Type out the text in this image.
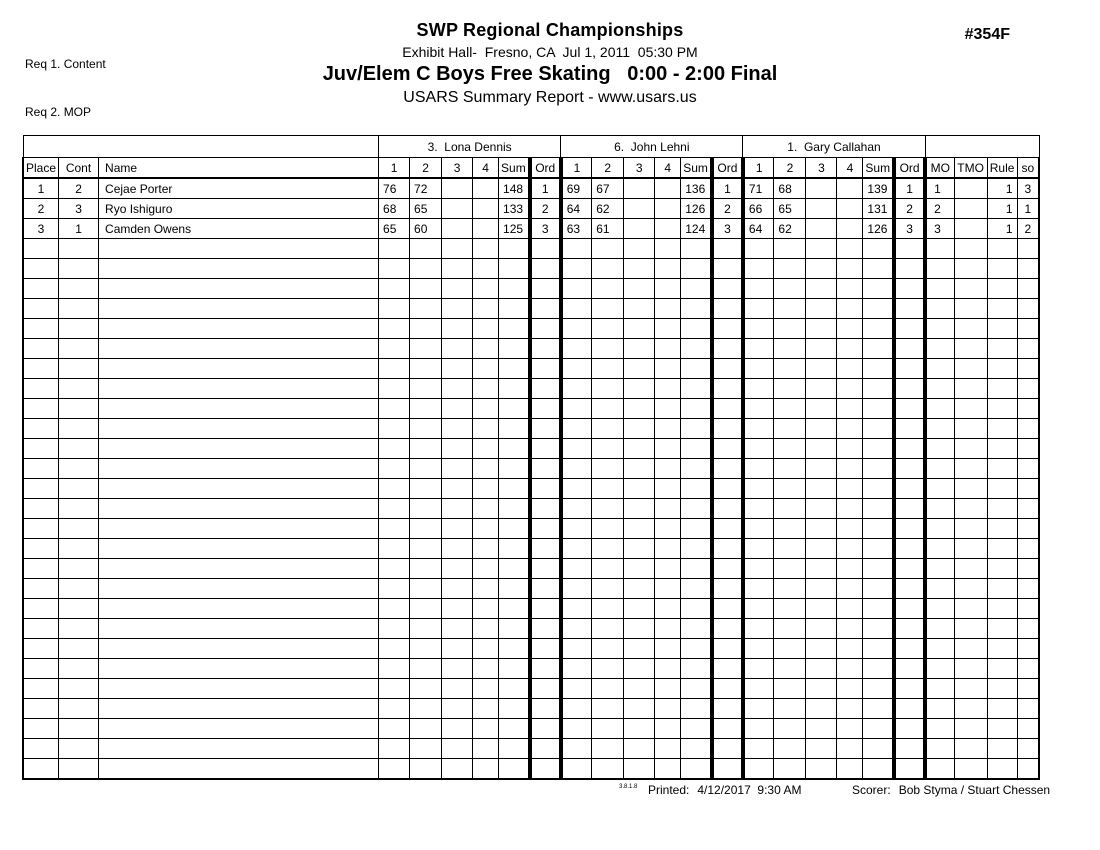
Req 1. Content

Req 2. MOP

SWP Regional Championships
Exhibit Hall-  Fresno, CA  Jul 1, 2011  05:30 PM
Juv/Elem C Boys Free Skating   0:00 - 2:00 Final
USARS Summary Report - www.usars.us
#354F
			3.  Lona Dennis						6.  John Lehni						1.  Gary Callahan									
Place	Cont	Name	1	2	3	4	Sum	Ord	1	2	3	4	Sum	Ord	1	2	3	4	Sum	Ord	MO	TMO	Rule	so
1	2	Cejae Porter	76	72			148	1	69	67			136	1	71	68			139	1	1		1	3
2	3	Ryo Ishiguro	68	65			133	2	64	62			126	2	66	65			131	2	2		1	1
3	1	Camden Owens	65	60			125	3	63	61			124	3	64	62			126	3	3		1	2

3.8.1.8 Printed: 4/12/2017  9:30 AM	Scorer: Bob Styma / Stuart Chessen
